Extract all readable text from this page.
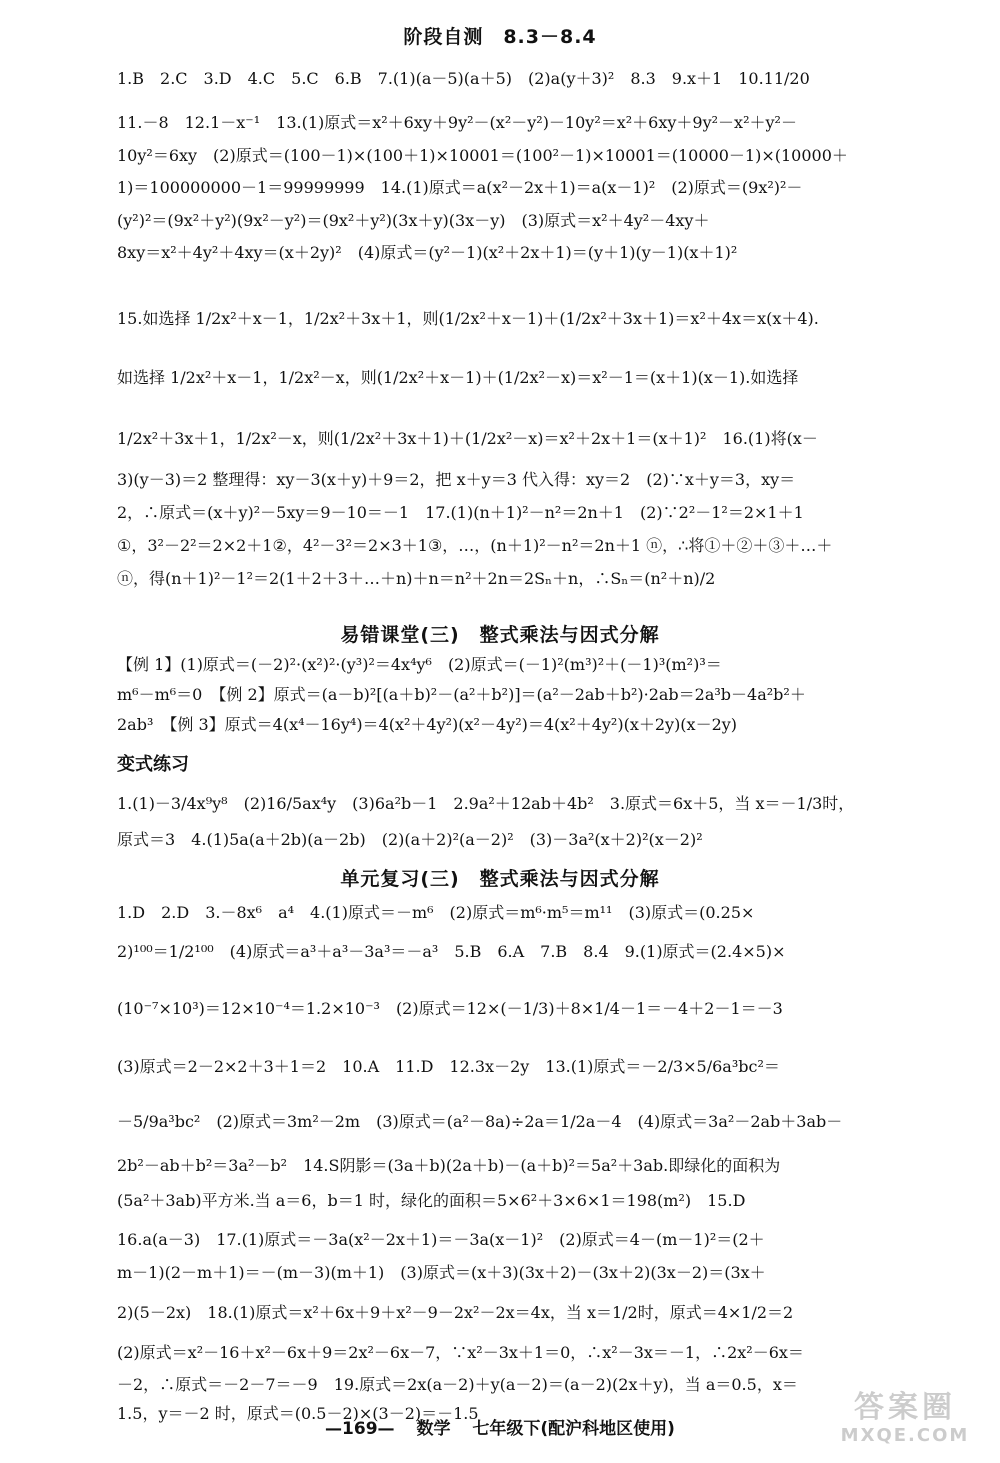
阶段自测　8.3－8.4
1.B　2.C　3.D　4.C　5.C　6.B　7.(1)(a－5)(a＋5)　(2)a(y＋3)²　8.3　9.x＋1　10.11/20
11.－8　12.1－x⁻¹　13.(1)原式＝x²＋6xy＋9y²－(x²－y²)－10y²＝x²＋6xy＋9y²－x²＋y²－
10y²＝6xy　(2)原式＝(100－1)×(100＋1)×10001＝(100²－1)×10001＝(10000－1)×(10000＋
1)＝100000000－1＝99999999　14.(1)原式＝a(x²－2x＋1)＝a(x－1)²　(2)原式＝(9x²)²－
(y²)²＝(9x²＋y²)(9x²－y²)＝(9x²＋y²)(3x＋y)(3x－y)　(3)原式＝x²＋4y²－4xy＋
8xy＝x²＋4y²＋4xy＝(x＋2y)²　(4)原式＝(y²－1)(x²＋2x＋1)＝(y＋1)(y－1)(x＋1)²
15.如选择 1/2x²＋x－1，1/2x²＋3x＋1，则(1/2x²＋x－1)＋(1/2x²＋3x＋1)＝x²＋4x＝x(x＋4).
如选择 1/2x²＋x－1，1/2x²－x，则(1/2x²＋x－1)＋(1/2x²－x)＝x²－1＝(x＋1)(x－1).如选择
1/2x²＋3x＋1，1/2x²－x，则(1/2x²＋3x＋1)＋(1/2x²－x)＝x²＋2x＋1＝(x＋1)²　16.(1)将(x－
3)(y－3)＝2 整理得：xy－3(x＋y)＋9＝2，把 x＋y＝3 代入得：xy＝2　(2)∵x＋y＝3，xy＝
2，∴原式＝(x＋y)²－5xy＝9－10＝－1　17.(1)(n＋1)²－n²＝2n＋1　(2)∵2²－1²＝2×1＋1
①，3²－2²＝2×2＋1②，4²－3²＝2×3＋1③，…，(n＋1)²－n²＝2n＋1 ⓝ，∴将①＋②＋③＋…＋
ⓝ，得(n＋1)²－1²＝2(1＋2＋3＋…＋n)＋n＝n²＋2n＝2Sₙ＋n，∴Sₙ＝(n²＋n)/2
易错课堂(三)　整式乘法与因式分解
【例 1】(1)原式＝(－2)²·(x²)²·(y³)²＝4x⁴y⁶　(2)原式＝(－1)²(m³)²＋(－1)³(m²)³＝
m⁶－m⁶＝0　【例 2】原式＝(a－b)²[(a＋b)²－(a²＋b²)]＝(a²－2ab＋b²)·2ab＝2a³b－4a²b²＋
2ab³　【例 3】原式＝4(x⁴－16y⁴)＝4(x²＋4y²)(x²－4y²)＝4(x²＋4y²)(x＋2y)(x－2y)
变式练习
1.(1)－3/4x⁹y⁸　(2)16/5ax⁴y　(3)6a²b－1　2.9a²＋12ab＋4b²　3.原式＝6x＋5，当 x＝－1/3时，
原式＝3　4.(1)5a(a＋2b)(a－2b)　(2)(a＋2)²(a－2)²　(3)－3a²(x＋2)²(x－2)²
单元复习(三)　整式乘法与因式分解
1.D　2.D　3.－8x⁶　a⁴　4.(1)原式＝－m⁶　(2)原式＝m⁶·m⁵＝m¹¹　(3)原式＝(0.25×
2)¹⁰⁰＝1/2¹⁰⁰　(4)原式＝a³＋a³－3a³＝－a³　5.B　6.A　7.B　8.4　9.(1)原式＝(2.4×5)×
(10⁻⁷×10³)＝12×10⁻⁴＝1.2×10⁻³　(2)原式＝12×(－1/3)＋8×1/4－1＝－4＋2－1＝－3
(3)原式＝2－2×2＋3＋1＝2　10.A　11.D　12.3x－2y　13.(1)原式＝－2/3×5/6a³bc²＝
－5/9a³bc²　(2)原式＝3m²－2m　(3)原式＝(a²－8a)÷2a＝1/2a－4　(4)原式＝3a²－2ab＋3ab－
2b²－ab＋b²＝3a²－b²　14.S阴影＝(3a＋b)(2a＋b)－(a＋b)²＝5a²＋3ab.即绿化的面积为
(5a²＋3ab)平方米.当 a＝6，b＝1 时，绿化的面积＝5×6²＋3×6×1＝198(m²)　15.D
16.a(a－3)　17.(1)原式＝－3a(x²－2x＋1)＝－3a(x－1)²　(2)原式＝4－(m－1)²＝(2＋
m－1)(2－m＋1)＝－(m－3)(m＋1)　(3)原式＝(x＋3)(3x＋2)－(3x＋2)(3x－2)＝(3x＋
2)(5－2x)　18.(1)原式＝x²＋6x＋9＋x²－9－2x²－2x＝4x，当 x＝1/2时，原式＝4×1/2＝2
(2)原式＝x²－16＋x²－6x＋9＝2x²－6x－7，∵x²－3x＋1＝0，∴x²－3x＝－1，∴2x²－6x＝
－2，∴原式＝－2－7＝－9　19.原式＝2x(a－2)＋y(a－2)＝(a－2)(2x＋y)，当 a＝0.5，x＝
1.5，y＝－2 时，原式＝(0.5－2)×(3－2)＝－1.5
—169— 数学 七年级下(配沪科地区使用)
答案圈
MXQE.COM
